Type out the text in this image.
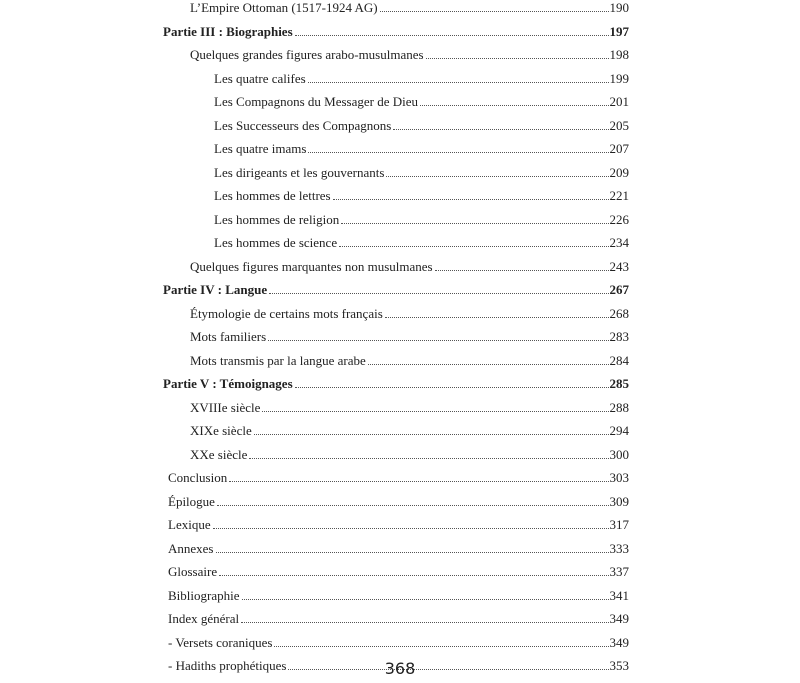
L’Empire Ottoman (1517-1924 AG)	190
Partie III : Biographies	197
Quelques grandes figures arabo-musulmanes	198
Les quatre califes	199
Les Compagnons du Messager de Dieu	201
Les Successeurs des Compagnons	205
Les quatre imams	207
Les dirigeants et les gouvernants	209
Les hommes de lettres	221
Les hommes de religion	226
Les hommes de science	234
Quelques figures marquantes non musulmanes	243
Partie IV : Langue	267
Étymologie de certains mots français	268
Mots familiers	283
Mots transmis par la langue arabe	284
Partie V : Témoignages	285
XVIIIe siècle	288
XIXe siècle	294
XXe siècle	300
Conclusion	303
Épilogue	309
Lexique	317
Annexes	333
Glossaire	337
Bibliographie	341
Index général	349
- Versets coraniques	349
- Hadiths prophétiques	353
368
